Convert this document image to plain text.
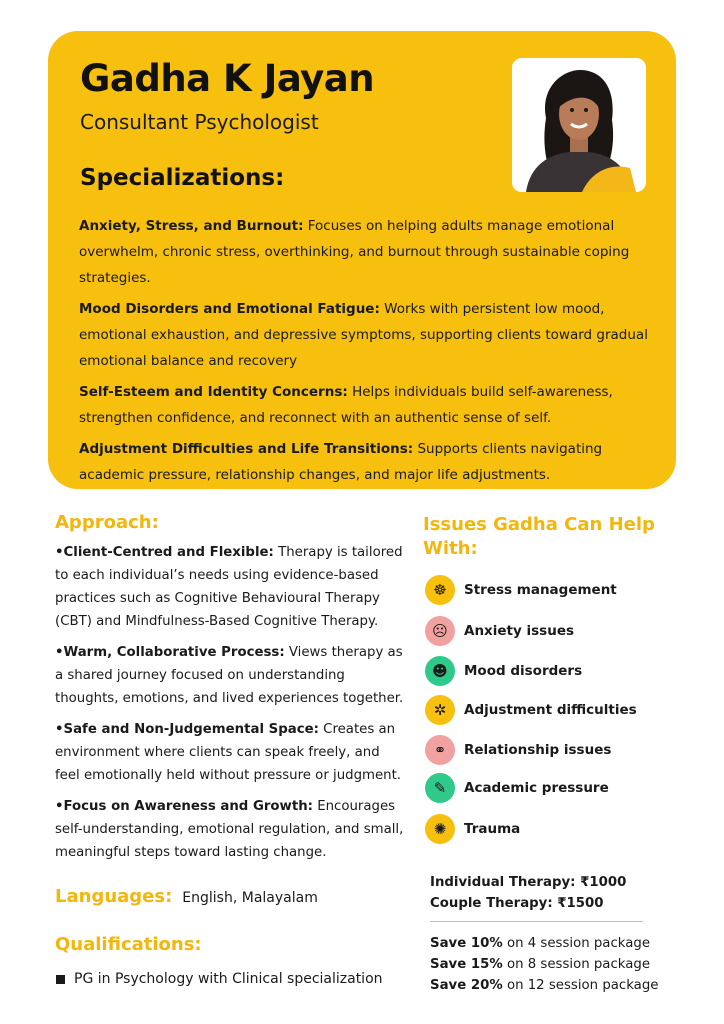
Gadha K Jayan
Consultant Psychologist
Specializations:
Anxiety, Stress, and Burnout: Focuses on helping adults manage emotional overwhelm, chronic stress, overthinking, and burnout through sustainable coping strategies.
Mood Disorders and Emotional Fatigue: Works with persistent low mood, emotional exhaustion, and depressive symptoms, supporting clients toward gradual emotional balance and recovery
Self-Esteem and Identity Concerns: Helps individuals build self-awareness, strengthen confidence, and reconnect with an authentic sense of self.
Adjustment Difficulties and Life Transitions: Supports clients navigating academic pressure, relationship changes, and major life adjustments.
Approach:
•Client-Centred and Flexible: Therapy is tailored to each individual’s needs using evidence-based practices such as Cognitive Behavioural Therapy (CBT) and Mindfulness-Based Cognitive Therapy.
•Warm, Collaborative Process: Views therapy as a shared journey focused on understanding thoughts, emotions, and lived experiences together.
•Safe and Non-Judgemental Space: Creates an environment where clients can speak freely, and feel emotionally held without pressure or judgment.
•Focus on Awareness and Growth: Encourages self-understanding, emotional regulation, and small, meaningful steps toward lasting change.
Languages: English, Malayalam
Qualifications:
PG in Psychology with Clinical specialization
Issues Gadha Can Help With:
☸	Stress management
☹	Anxiety issues
☻	Mood disorders
✲	Adjustment difficulties
⚭	Relationship issues
✎	Academic pressure
✺	Trauma
Individual Therapy: ₹1000
Couple Therapy: ₹1500
Save 10% on 4 session package
Save 15% on 8 session package
Save 20% on 12 session package
